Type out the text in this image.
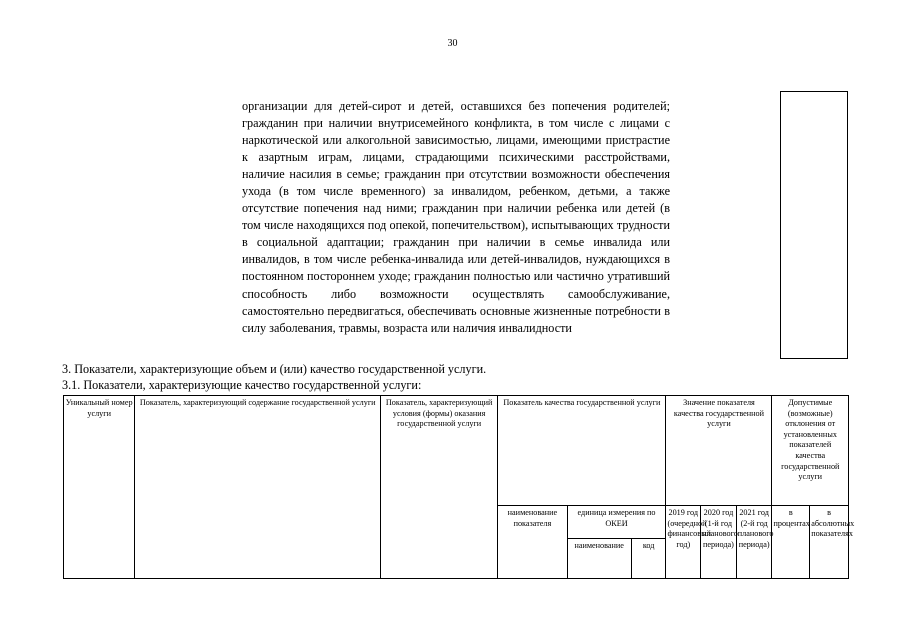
30

организации для детей-сирот и детей, оставшихся без попечения родителей; гражданин при наличии внутрисемейного конфликта, в том числе с лицами с наркотической или алкогольной зависимостью, лицами, имеющими пристрастие к азартным играм, лицами, страдающими психическими расстройствами, наличие насилия в семье; гражданин при отсутствии возможности обеспечения ухода (в том числе временного) за инвалидом, ребенком, детьми, а также отсутствие попечения над ними; гражданин при наличии ребенка или детей (в том числе находящихся под опекой, попечительством), испытывающих трудности в социальной адаптации; гражданин при наличии в семье инвалида или инвалидов, в том числе ребенка-инвалида или детей-инвалидов, нуждающихся в постоянном постороннем уходе; гражданин полностью или частично утративший способность либо возможности осуществлять самообслуживание, самостоятельно передвигаться, обеспечивать основные жизненные потребности в силу заболевания, травмы, возраста или наличия инвалидности

3. Показатели, характеризующие объем и (или) качество государственной услуги.
3.1. Показатели, характеризующие качество государственной услуги:
Уникальный номер услуги	Показатель, характеризующий содержание государственной услуги	Показатель, характеризующий условия (формы) оказания государственной услуги	Показатель качества государственной услуги			Значение показателя качества государственной услуги			Допустимые (возможные) отклонения от установленных показателей качества государственной услуги	
			наименование показателя	единица измерения по ОКЕИ		2019 год (очередной финансовый год)	2020 год (1-й год планового периода)	2021 год (2-й год планового периода)	в процентах	в абсолютных показателях
				наименование	код					
